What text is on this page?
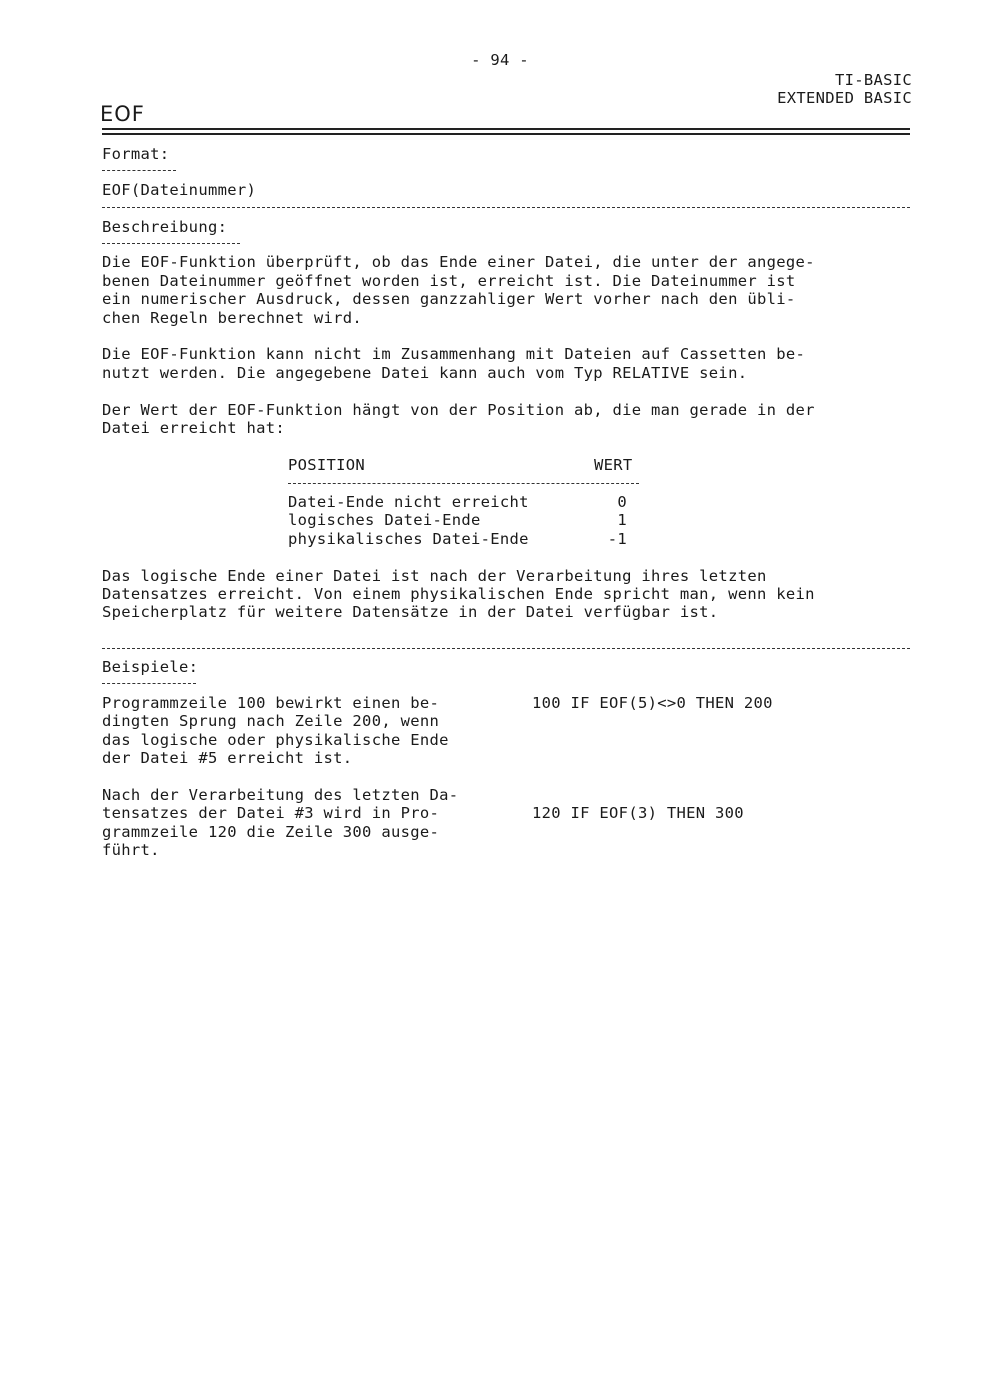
- 94 -
TI-BASIC
EXTENDED BASIC
EOF
Format:
EOF(Dateinummer)
Beschreibung:
Die EOF-Funktion überprüft, ob das Ende einer Datei, die unter der angege-
benen Dateinummer geöffnet worden ist, erreicht ist. Die Dateinummer ist
ein numerischer Ausdruck, dessen ganzzahliger Wert vorher nach den übli-
chen Regeln berechnet wird.
Die EOF-Funktion kann nicht im Zusammenhang mit Dateien auf Cassetten be-
nutzt werden. Die angegebene Datei kann auch vom Typ RELATIVE sein.
Der Wert der EOF-Funktion hängt von der Position ab, die man gerade in der
Datei erreicht hat:
POSITION	WERT
Datei-Ende nicht erreicht	0
logisches Datei-Ende	1
physikalisches Datei-Ende	-1
Das logische Ende einer Datei ist nach der Verarbeitung ihres letzten
Datensatzes erreicht. Von einem physikalischen Ende spricht man, wenn kein
Speicherplatz für weitere Datensätze in der Datei verfügbar ist.
Beispiele:
Programmzeile 100 bewirkt einen be-
dingten Sprung nach Zeile 200, wenn
das logische oder physikalische Ende
der Datei #5 erreicht ist.
100 IF EOF(5)<>0 THEN 200
Nach der Verarbeitung des letzten Da-
tensatzes der Datei #3 wird in Pro-
grammzeile 120 die Zeile 300 ausge-
führt.
120 IF EOF(3) THEN 300
